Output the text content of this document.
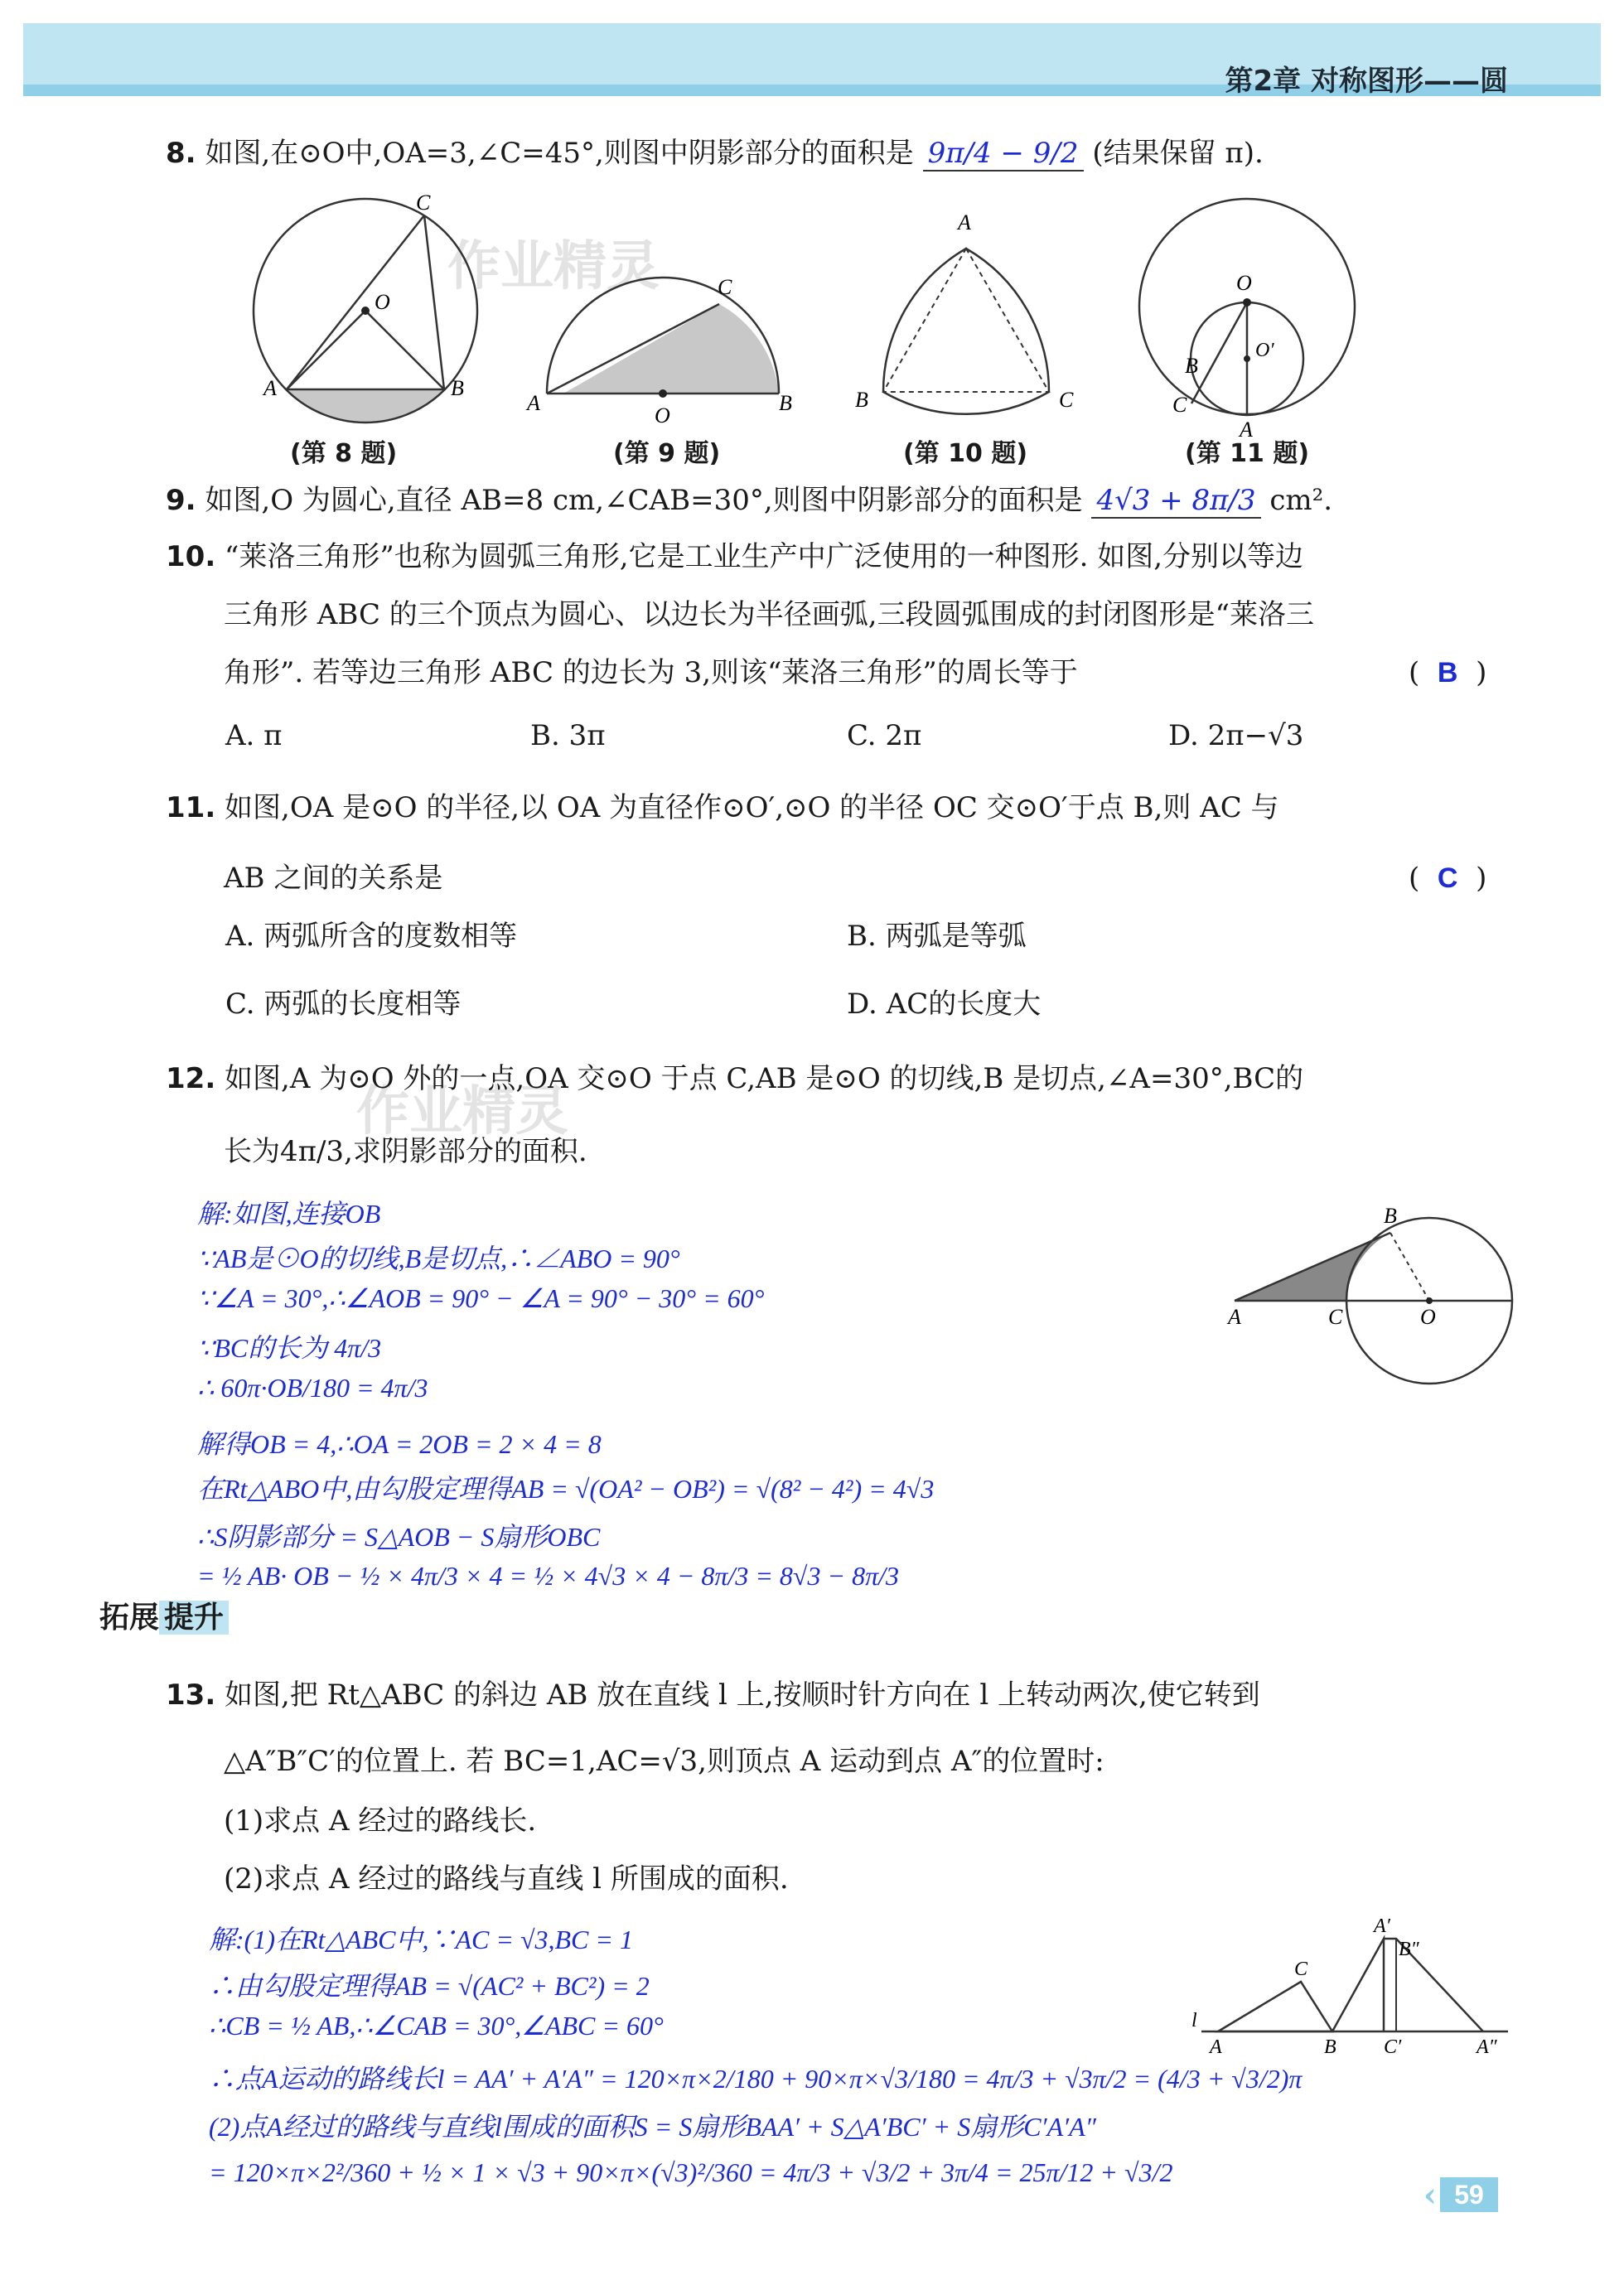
第2章 对称图形——圆
作业精灵
作业精灵
8. 如图,在⊙O中,OA=3,∠C=45°,则图中阴影部分的面积是 9π/4 − 9/2 (结果保留 π).
C
O
A	B
C
A
O
B
A
B	C
O
O′
B
C
A
(第 8 题)	(第 9 题)	(第 10 题)	(第 11 题)
9. 如图,O 为圆心,直径 AB=8 cm,∠CAB=30°,则图中阴影部分的面积是 4√3 + 8π/3 cm².
10. “莱洛三角形”也称为圆弧三角形,它是工业生产中广泛使用的一种图形. 如图,分别以等边
三角形 ABC 的三个顶点为圆心、以边长为半径画弧,三段圆弧围成的封闭图形是“莱洛三
角形”. 若等边三角形 ABC 的边长为 3,则该“莱洛三角形”的周长等于	(  B  )
A. π	B. 3π	C. 2π	D. 2π−√3
11. 如图,OA 是⊙O 的半径,以 OA 为直径作⊙O′,⊙O 的半径 OC 交⊙O′于点 B,则 AC 与
AB 之间的关系是	(  C  )
A. 两弧所含的度数相等	B. 两弧是等弧
C. 两弧的长度相等	D. AC的长度大
12. 如图,A 为⊙O 外的一点,OA 交⊙O 于点 C,AB 是⊙O 的切线,B 是切点,∠A=30°,BC的
长为4π/3,求阴影部分的面积.
解:如图,连接OB
∵AB是⊙O的切线,B是切点,∴∠ABO = 90°
∵∠A = 30°,∴∠AOB = 90° − ∠A = 90° − 30° = 60°
∵BC的长为 4π/3
∴ 60π·OB/180 = 4π/3
解得OB = 4,∴OA = 2OB = 2 × 4 = 8
在Rt△ABO中,由勾股定理得AB = √(OA² − OB²) = √(8² − 4²) = 4√3
∴S阴影部分 = S△AOB − S扇形OBC
= ½ AB· OB − ½ × 4π/3 × 4 = ½ × 4√3 × 4 − 8π/3 = 8√3 − 8π/3
B
A	C	O
拓展 提升
13. 如图,把 Rt△ABC 的斜边 AB 放在直线 l 上,按顺时针方向在 l 上转动两次,使它转到
△A″B″C′的位置上. 若 BC=1,AC=√3,则顶点 A 运动到点 A″的位置时:
(1)求点 A 经过的路线长.
(2)求点 A 经过的路线与直线 l 所围成的面积.
解:(1)在Rt△ABC中,∵AC = √3,BC = 1
∴由勾股定理得AB = √(AC² + BC²) = 2
∴CB = ½ AB,∴∠CAB = 30°,∠ABC = 60°
∴点A运动的路线长l = AA′ + A′A″ = 120×π×2/180 + 90×π×√3/180 = 4π/3 + √3π/2 = (4/3 + √3/2)π
(2)点A经过的路线与直线l围成的面积S = S扇形BAA′ + S△A′BC′ + S扇形C′A′A″
= 120×π×2²/360 + ½ × 1 × √3 + 90×π×(√3)²/360 = 4π/3 + √3/2 + 3π/4 = 25π/12 + √3/2
C
A′
B″
l
A	B C′	A″
‹ 59
